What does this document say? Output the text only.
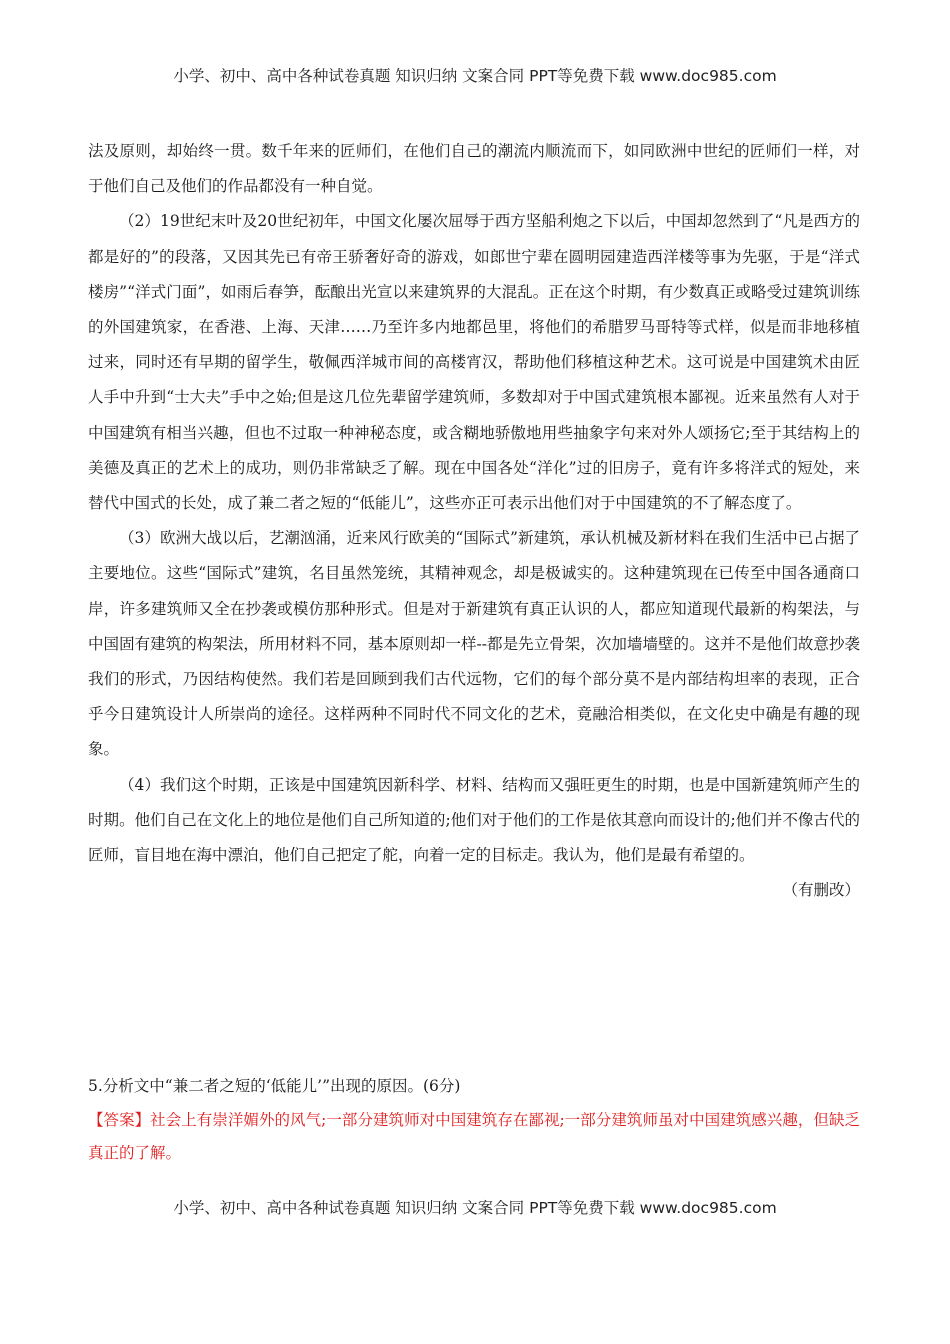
小学、初中、高中各种试卷真题 知识归纳 文案合同 PPT等免费下载 www.doc985.com

法及原则，却始终一贯。数千年来的匠师们，在他们自己的潮流内顺流而下，如同欧洲中世纪的匠师们一样，对于他们自己及他们的作品都没有一种自觉。

（2）19世纪末叶及20世纪初年，中国文化屡次屈辱于西方坚船利炮之下以后，中国却忽然到了“凡是西方的都是好的”的段落，又因其先已有帝王骄奢好奇的游戏，如郎世宁辈在圆明园建造西洋楼等事为先驱，于是“洋式楼房”“洋式门面”，如雨后春笋，酝酿出光宣以来建筑界的大混乱。正在这个时期，有少数真正或略受过建筑训练的外国建筑家，在香港、上海、天津……乃至许多内地都邑里，将他们的希腊罗马哥特等式样，似是而非地移植过来，同时还有早期的留学生，敬佩西洋城市间的高楼宵汉，帮助他们移植这种艺术。这可说是中国建筑术由匠人手中升到“士大夫”手中之始;但是这几位先辈留学建筑师，多数却对于中国式建筑根本鄙视。近来虽然有人对于中国建筑有相当兴趣，但也不过取一种神秘态度，或含糊地骄傲地用些抽象字句来对外人颂扬它;至于其结构上的美德及真正的艺术上的成功，则仍非常缺乏了解。现在中国各处“洋化”过的旧房子，竟有许多将洋式的短处，来替代中国式的长处，成了兼二者之短的“低能儿”，这些亦正可表示出他们对于中国建筑的不了解态度了。

（3）欧洲大战以后，艺潮汹涌，近来风行欧美的“国际式”新建筑，承认机械及新材料在我们生活中已占据了主要地位。这些“国际式”建筑，名目虽然笼统，其精神观念，却是极诚实的。这种建筑现在已传至中国各通商口岸，许多建筑师又全在抄袭或模仿那种形式。但是对于新建筑有真正认识的人，都应知道现代最新的构架法，与中国固有建筑的构架法，所用材料不同，基本原则却一样--都是先立骨架，次加墙墙壁的。这并不是他们故意抄袭我们的形式，乃因结构使然。我们若是回顾到我们古代远物，它们的每个部分莫不是内部结构坦率的表现，正合乎今日建筑设计人所崇尚的途径。这样两种不同时代不同文化的艺术，竟融洽相类似，在文化史中确是有趣的现象。

（4）我们这个时期，正该是中国建筑因新科学、材料、结构而又强旺更生的时期，也是中国新建筑师产生的时期。他们自己在文化上的地位是他们自己所知道的;他们对于他们的工作是依其意向而设计的;他们并不像古代的匠师，盲目地在海中漂泊，他们自己把定了舵，向着一定的目标走。我认为，他们是最有希望的。

（有删改）

5.分析文中“兼二者之短的‘低能儿’”出现的原因。(6分)
【答案】社会上有崇洋媚外的风气;一部分建筑师对中国建筑存在鄙视;一部分建筑师虽对中国建筑感兴趣，但缺乏真正的了解。
小学、初中、高中各种试卷真题 知识归纳 文案合同 PPT等免费下载 www.doc985.com
